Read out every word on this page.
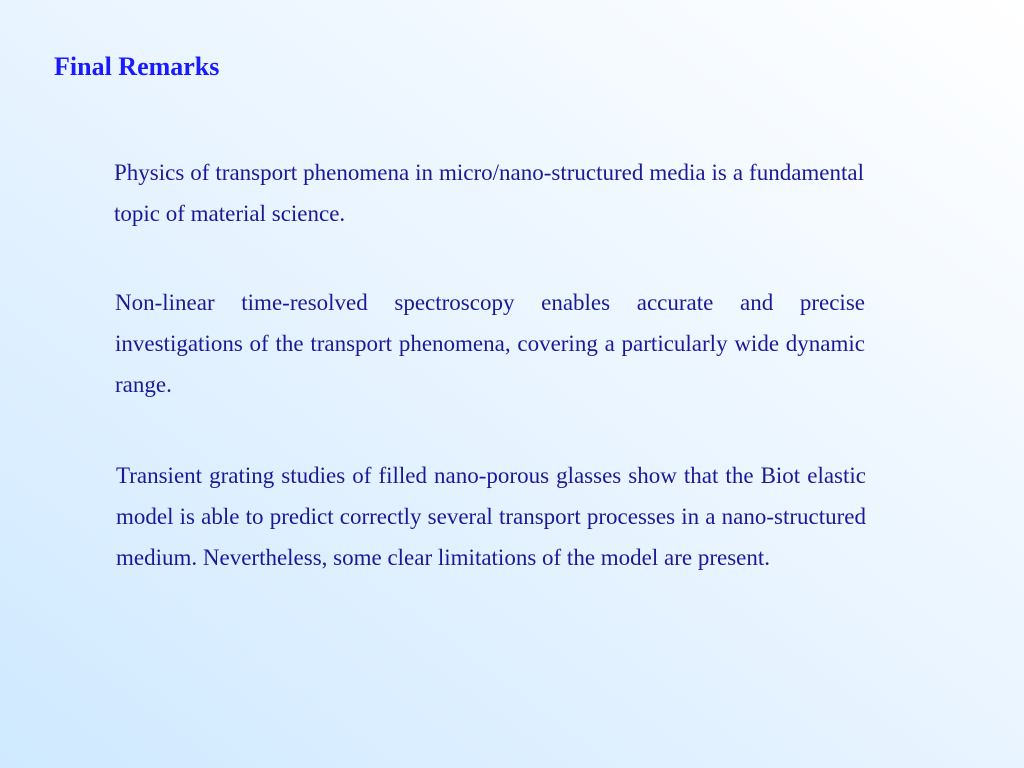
Final Remarks

Physics of transport phenomena in micro/nano-structured media is a fundamental topic of material science.

Non-linear time-resolved spectroscopy enables accurate and precise investigations of the transport phenomena, covering a particularly wide dynamic range.

Transient grating studies of filled nano-porous glasses show that the Biot elastic model is able to predict correctly several transport processes in a nano-structured medium. Nevertheless, some clear limitations of the model are present.
